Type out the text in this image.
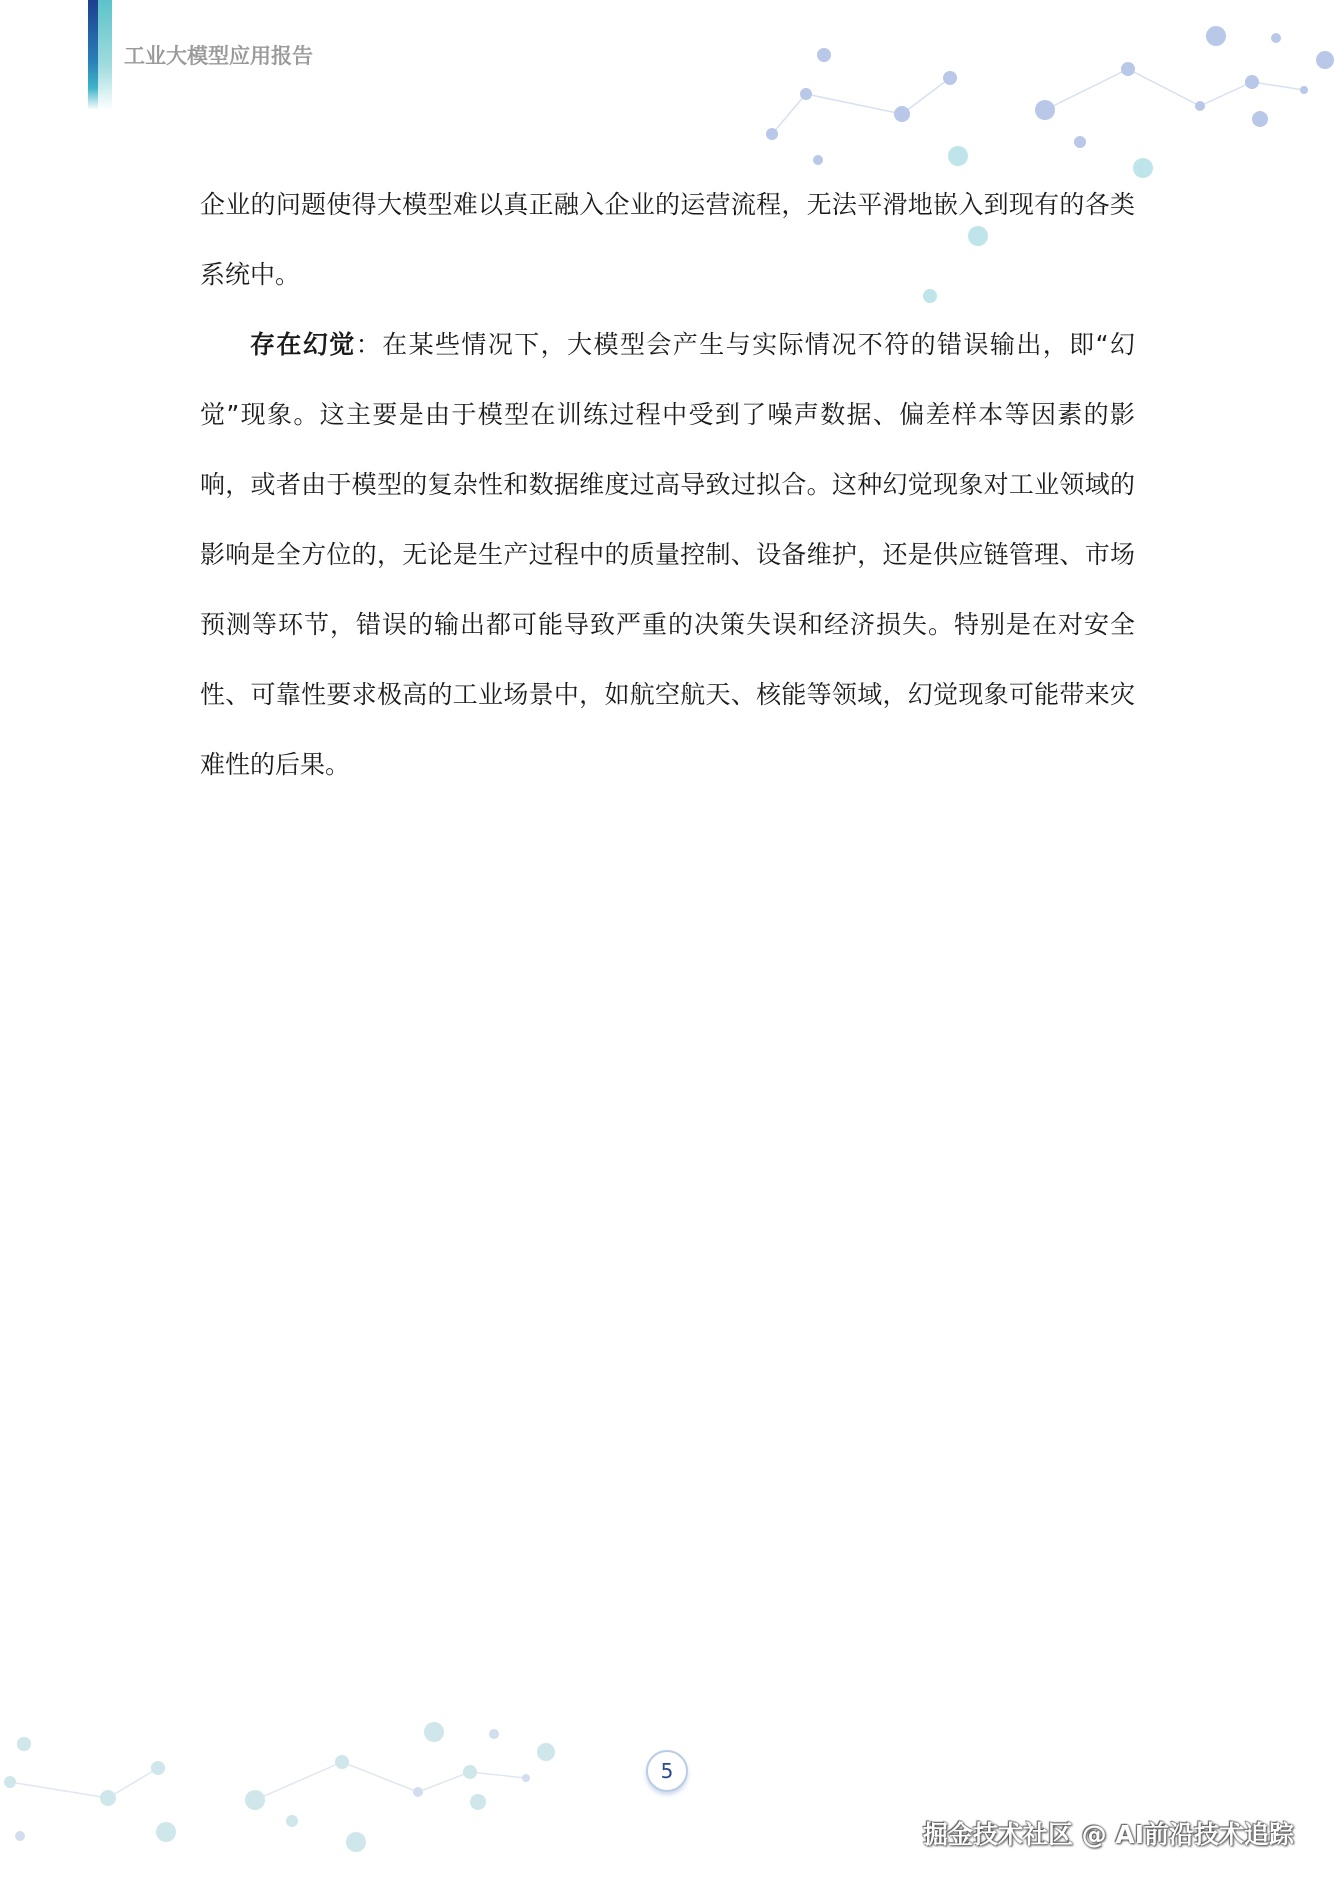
工业大模型应用报告

企业的问题使得大模型难以真正融入企业的运营流程，无法平滑地嵌入到现有的各类系统中。

存在幻觉：在某些情况下，大模型会产生与实际情况不符的错误输出，即“幻觉”现象。这主要是由于模型在训练过程中受到了噪声数据、偏差样本等因素的影响，或者由于模型的复杂性和数据维度过高导致过拟合。这种幻觉现象对工业领域的影响是全方位的，无论是生产过程中的质量控制、设备维护，还是供应链管理、市场预测等环节，错误的输出都可能导致严重的决策失误和经济损失。特别是在对安全性、可靠性要求极高的工业场景中，如航空航天、核能等领域，幻觉现象可能带来灾难性的后果。

5
掘金技术社区 @ AI前沿技术追踪
